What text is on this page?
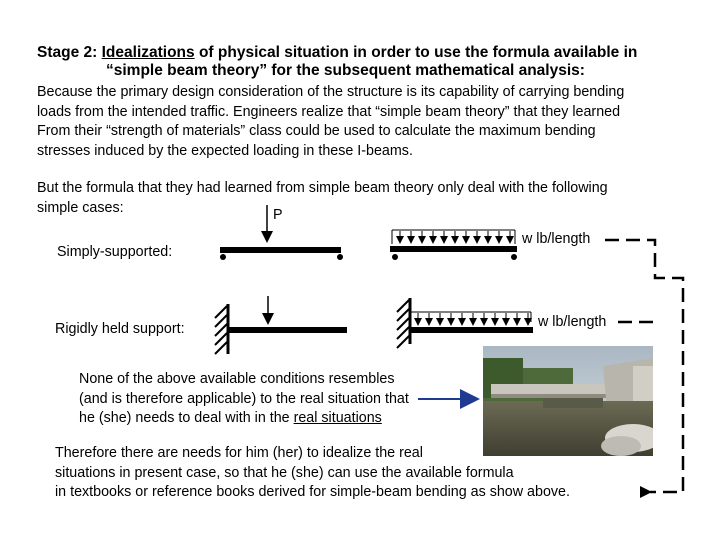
Stage 2: Idealizations of physical situation in order to use the formula available in
“simple beam theory” for the subsequent mathematical analysis:

Because the primary design consideration of the structure is its capability of carrying bending

loads from the intended traffic. Engineers realize that “simple beam theory” that they learned

From their “strength of materials” class could be used to calculate the maximum bending

stresses induced by the expected loading in these I-beams.

But the formula that they had learned from simple beam theory only deal with the following

simple cases:	P
w lb/length
w lb/length
Simply-supported:
Rigidly held support:

None of the above available conditions resembles

(and is therefore applicable) to the real situation that

he (she) needs to deal with in the real situations

Therefore there are needs for him (her) to idealize the real

situations in present case, so that he (she) can use the available formula

in textbooks or reference books derived for simple-beam bending as show above.
